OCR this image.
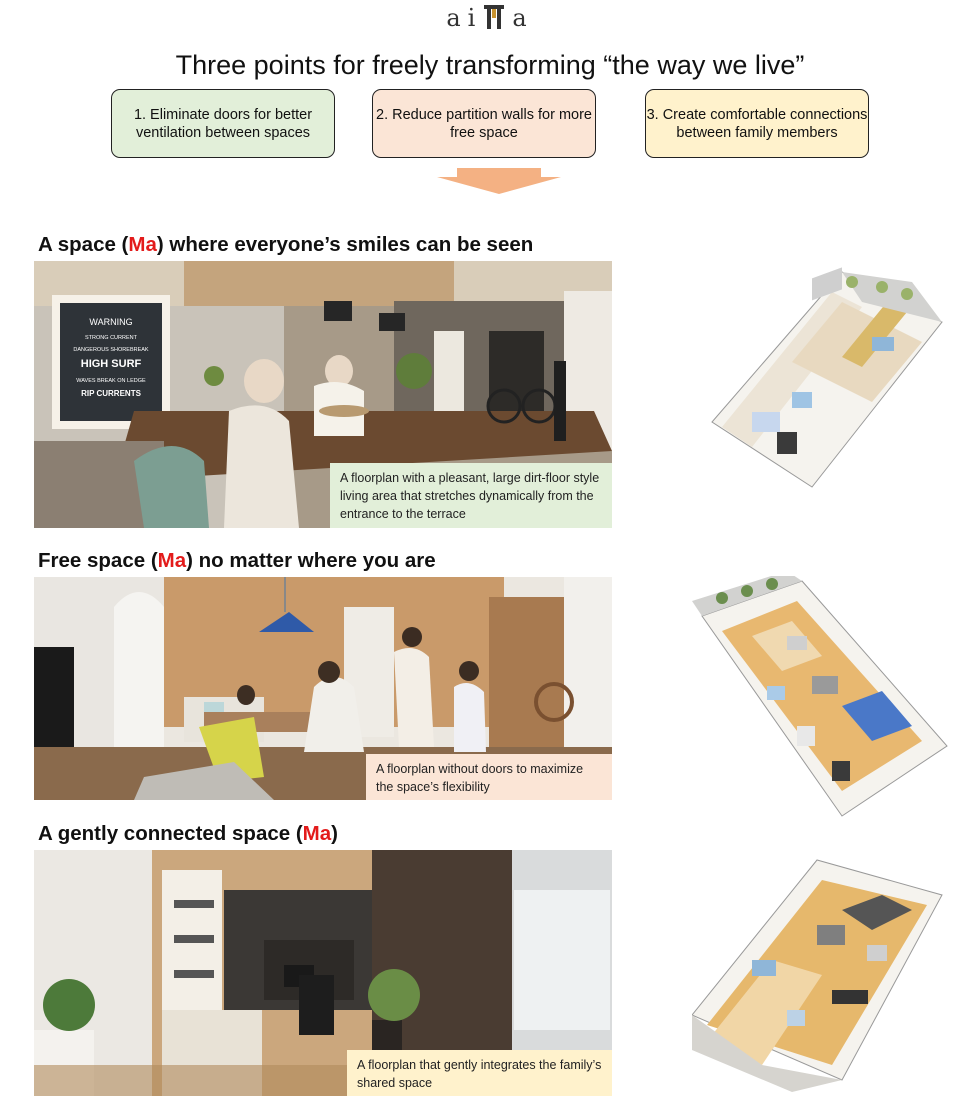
ai a
Three points for freely transforming “the way we live”
1. Eliminate doors for better ventilation between spaces
2. Reduce partition walls for more free space
3. Create comfortable connections between family members
A space (Ma) where everyone’s smiles can be seen
WARNING
STRONG CURRENT
DANGEROUS SHOREBREAK
HIGH SURF
WAVES BREAK ON LEDGE
RIP CURRENTS
A floorplan with a pleasant, large dirt-floor style living area that stretches dynamically from the entrance to the terrace
Free space (Ma) no matter where you are
A floorplan without doors to maximize the space’s flexibility
A gently connected space (Ma)
A floorplan that gently integrates the family’s shared space
